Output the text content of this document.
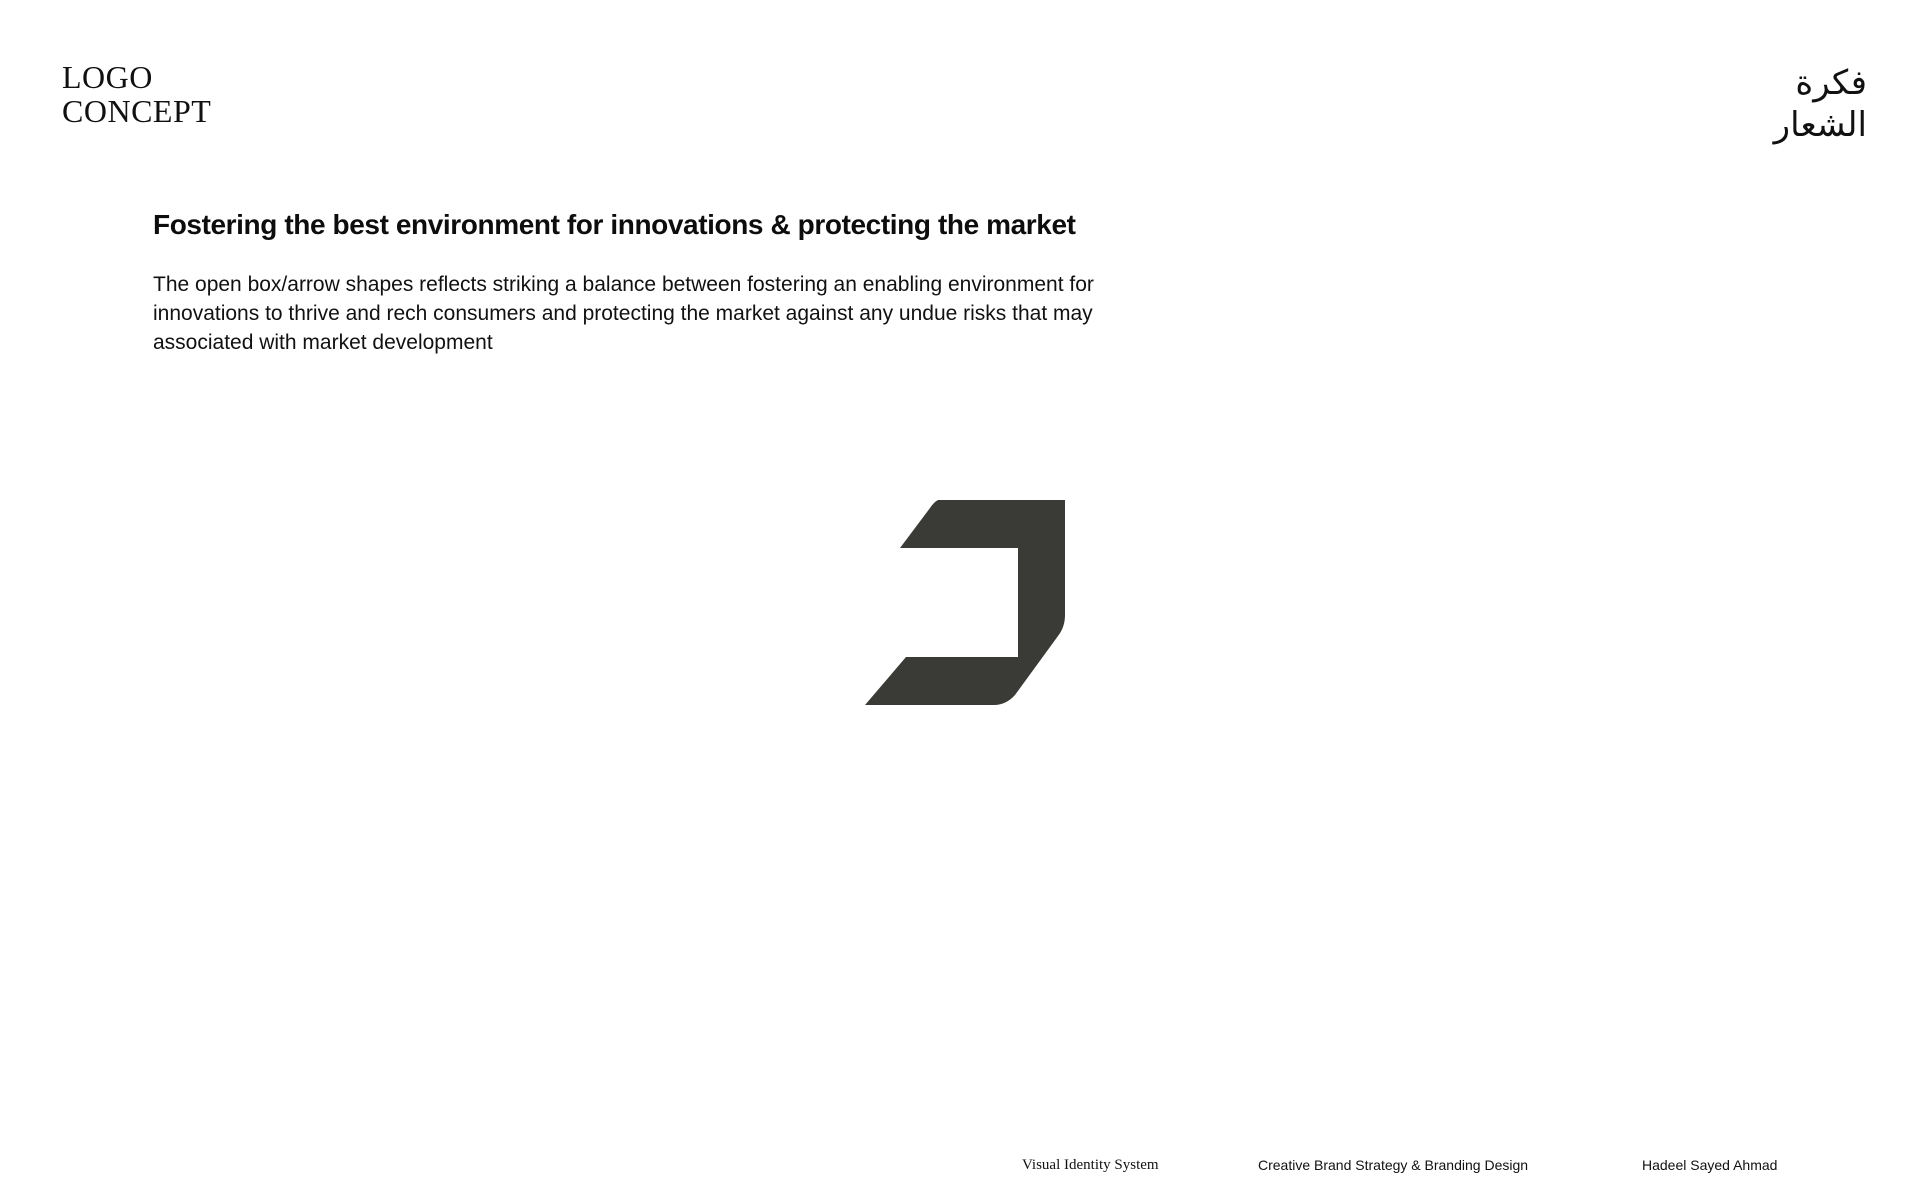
LOGO
CONCEPT
فكرة
الشعار
Fostering the best environment for innovations & protecting the market
The open box/arrow shapes reflects striking a balance between fostering an enabling environment for innovations to thrive and rech consumers and protecting the market against any undue risks that may associated with market development
Visual Identity System	Creative Brand Strategy & Branding Design	Hadeel Sayed Ahmad
